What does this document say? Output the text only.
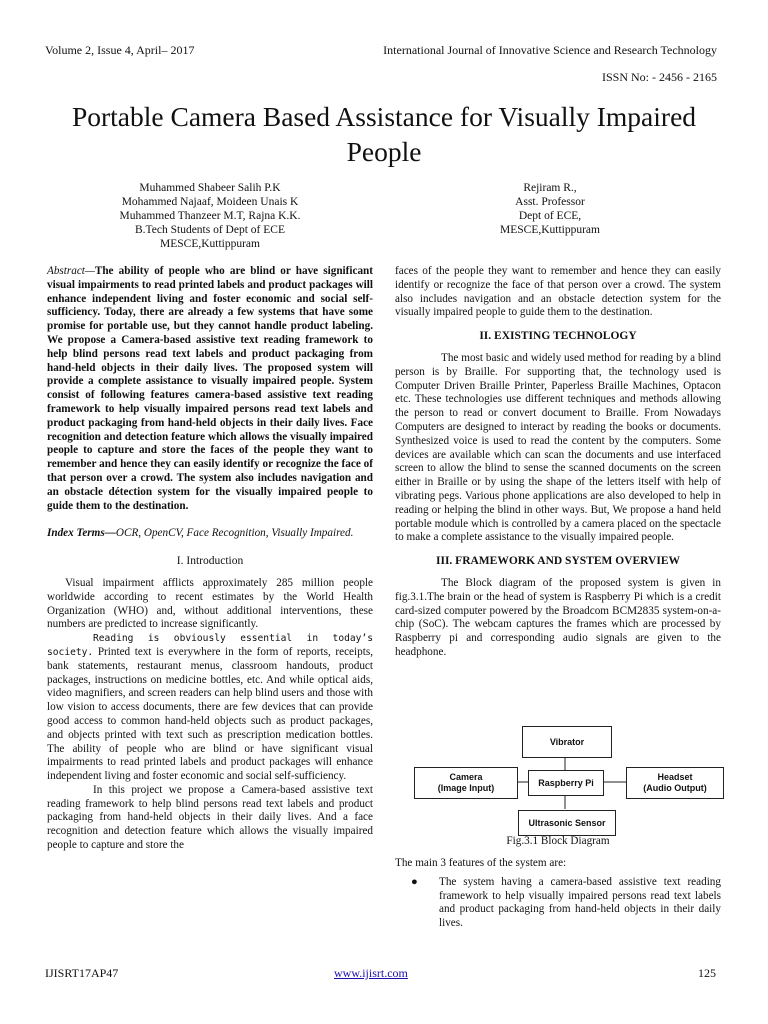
Volume 2, Issue 4, April– 2017	International Journal of Innovative Science and Research Technology
ISSN No: - 2456 - 2165
Portable Camera Based Assistance for Visually Impaired People
Muhammed Shabeer Salih P.K
Mohammed Najaaf, Moideen Unais K
Muhammed Thanzeer M.T, Rajna K.K.
B.Tech Students of Dept of ECE
MESCE,Kuttippuram
Rejiram R.,
Asst. Professor
Dept of ECE,
MESCE,Kuttippuram

Abstract—The ability of people who are blind or have significant visual impairments to read printed labels and product packages will enhance independent living and foster economic and social self-sufficiency. Today, there are already a few systems that have some promise for portable use, but they cannot handle product labeling. We propose a Camera-based assistive text reading framework to help blind persons read text labels and product packaging from hand-held objects in their daily lives. The proposed system will provide a complete assistance to visually impaired people. System consist of following features camera-based assistive text reading framework to help visually impaired persons read text labels and product packaging from hand-held objects in their daily lives. Face recognition and detection feature which allows the visually impaired people to capture and store the faces of the people they want to remember and hence they can easily identify or recognize the face of that person over a crowd. The system also includes navigation and an obstacle détection system for the visually impaired people to guide them to the destination.

Index Terms—OCR, OpenCV, Face Recognition, Visually Impaired.

I. Introduction

Visual impairment afflicts approximately 285 million people worldwide according to recent estimates by the World Health Organization (WHO) and, without additional interventions, these numbers are predicted to increase significantly.

Reading is obviously essential in today’s society. Printed text is everywhere in the form of reports, receipts, bank statements, restaurant menus, classroom handouts, product packages, instructions on medicine bottles, etc. And while optical aids, video magnifiers, and screen readers can help blind users and those with low vision to access documents, there are few devices that can provide good access to common hand-held objects such as product packages, and objects printed with text such as prescription medication bottles. The ability of people who are blind or have significant visual impairments to read printed labels and product packages will enhance independent living and foster economic and social self-sufficiency.

In this project we propose a Camera-based assistive text reading framework to help blind persons read text labels and product packaging from hand-held objects in their daily lives. And a face recognition and detection feature which allows the visually impaired people to capture and store the

faces of the people they want to remember and hence they can easily identify or recognize the face of that person over a crowd. The system also includes navigation and an obstacle detection system for the visually impaired people to guide them to the destination.

II. EXISTING TECHNOLOGY

The most basic and widely used method for reading by a blind person is by Braille. For supporting that, the technology used is Computer Driven Braille Printer, Paperless Braille Machines, Optacon etc. These technologies use different techniques and methods allowing the person to read or convert document to Braille. From Nowadays Computers are designed to interact by reading the books or documents. Synthesized voice is used to read the content by the computers. Some devices are available which can scan the documents and use interfaced screen to allow the blind to sense the scanned documents on the screen either in Braille or by using the shape of the letters itself with help of vibrating pegs. Various phone applications are also developed to help in reading or helping the blind in other ways. But, We propose a hand held portable module which is controlled by a camera placed on the spectacle to make a complete assistance to the visually impaired people.

III. FRAMEWORK AND SYSTEM OVERVIEW

The Block diagram of the proposed system is given in fig.3.1.The brain or the head of system is Raspberry Pi which is a credit card-sized computer powered by the Broadcom BCM2835 system-on-a-chip (SoC). The webcam captures the frames which are processed by Raspberry pi and corresponding audio signals are given to the headphone.

Vibrator
Camera
(Image Input)
Raspberry Pi
Headset
(Audio Output)
Ultrasonic Sensor
Fig.3.1 Block Diagram

The main 3 features of the system are:

●	The system having a camera-based assistive text reading framework to help visually impaired persons read text labels and product packaging from hand-held objects in their daily lives.
IJISRT17AP47	www.ijisrt.com	125
